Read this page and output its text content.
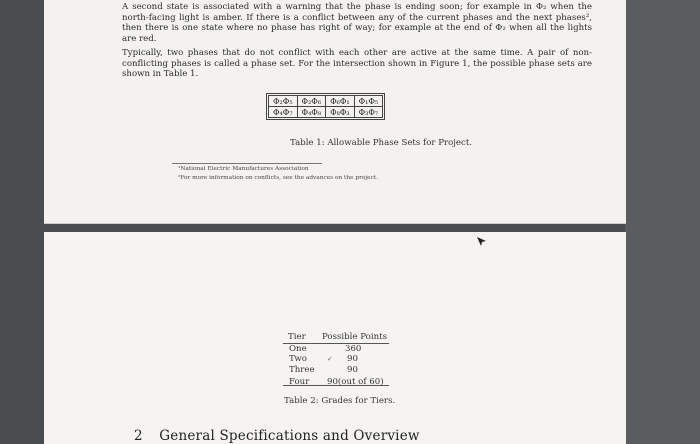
A second state is associated with a warning that the phase is ending soon; for example in Φ₂ when the north-facing light is amber. If there is a conflict between any of the current phases and the next phases², then there is one state where no phase has right of way; for example at the end of Φ₂ when all the lights are red.

Typically, two phases that do not conflict with each other are active at the same time. A pair of non-conflicting phases is called a phase set. For the intersection shown in Figure 1, the possible phase sets are shown in Table 1.

Φ₂Φ₅	Φ₂Φ₆	Φ₆Φ₁	Φ₁Φ₅
Φ₄Φ₇	Φ₄Φ₈	Φ₈Φ₃	Φ₃Φ₇
Table 1: Allowable Phase Sets for Project.
¹National Electric Manufactures Association
²For more information on conflicts, see the advances on the project.
Tier Possible Points
One	360
Two	90
Three	90
Four 90(out of 60)
✓
Table 2: Grades for Tiers.
2 General Specifications and Overview
